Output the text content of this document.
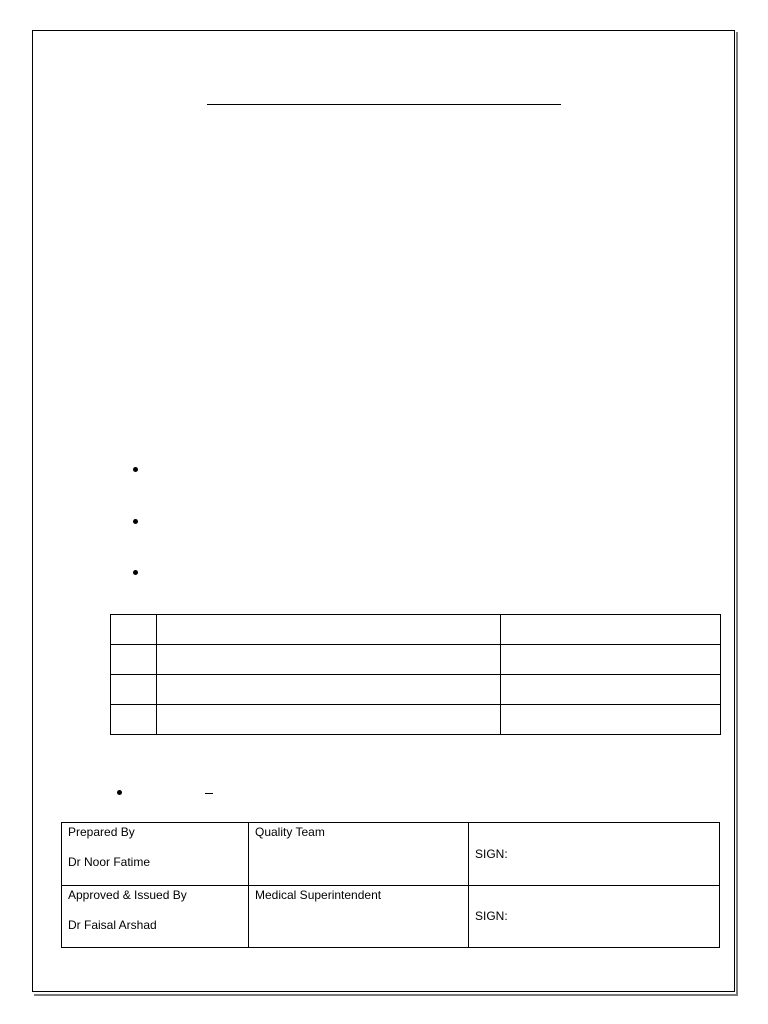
Prepared By
Dr Noor Fatime	Quality Team	SIGN:

Approved & Issued By
Dr Faisal Arshad	Medical Superintendent	SIGN:
